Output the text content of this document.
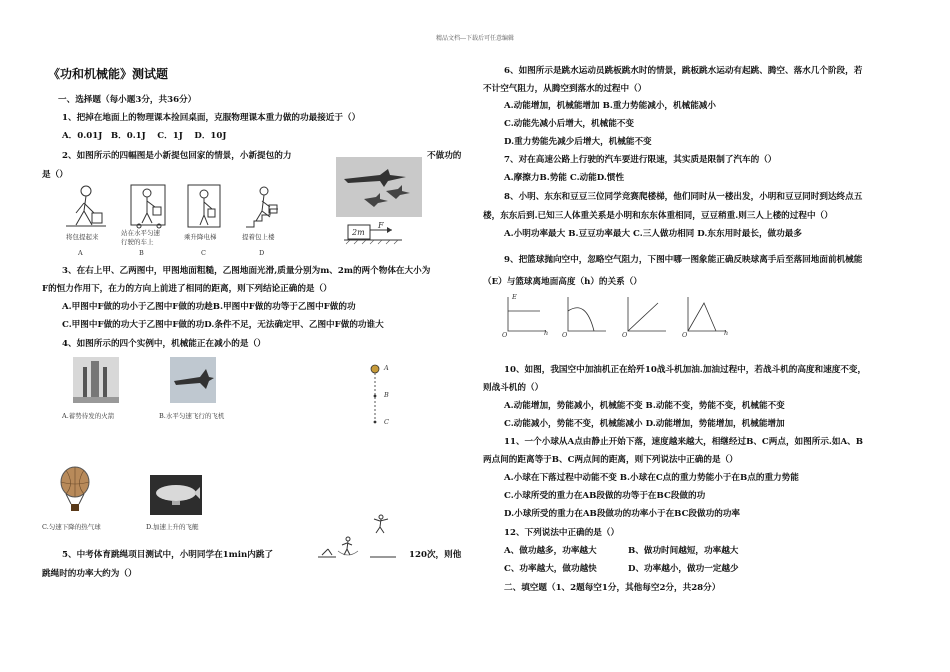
精品文档---下载后可任意编辑
《功和机械能》测试题
一、选择题（每小题3分，共36分）
1、把掉在地面上的物理课本捡回桌面，克服物理课本重力做的功最接近于（）
A．0.01J　B．0.1J　 C．1J　 D．10J
2、如图所示的四幅图是小新提包回家的情景，小新提包的力	不做功的
是（）
将包提起来	站在水平匀速
行驶的车上
乘升降电梯	提着包上楼
A	B	C	D
2m
F
3、在右上甲、乙两图中，甲图地面粗糙，乙图地面光滑,质量分别为m、2m的两个物体在大小为
F的恒力作用下，在力的方向上前进了相同的距离，则下列结论正确的是（）
A.甲图中F做的功小于乙图中F做的功趁B.甲图中F做的功等于乙图中F做的功
C.甲图中F做的功大于乙图中F做的功D.条件不足，无法确定甲、乙图中F做的功谁大
4、如图所示的四个实例中，机械能正在减小的是（）
A.蓄势待发的火箭	B.水平匀速飞行的飞机
A
B
C
C.匀速下降的热气球	D.加速上升的飞艇
5、中考体育跳绳项目测试中，小明同学在1min内跳了	120次，则他
跳绳时的功率大约为（）
6、如图所示是跳水运动员跳板跳水时的情景，跳板跳水运动有起跳、腾空、落水几个阶段，若
不计空气阻力，从腾空到落水的过程中（）
A.动能增加，机械能增加 B.重力势能减小，机械能减小
C.动能先减小后增大，机械能不变
D.重力势能先减少后增大，机械能不变
7、对在高速公路上行驶的汽车要进行限速，其实质是限制了汽车的（）
A.摩擦力B.势能 C.动能D.惯性
8、小明、东东和豆豆三位同学竞赛爬楼梯，他们同时从一楼出发，小明和豆豆同时到达终点五
楼，东东后到.已知三人体重关系是小明和东东体重相同，豆豆稍重.则三人上楼的过程中（）
A.小明功率最大 B.豆豆功率最大 C.三人做功相同 D.东东用时最长，做功最多
9、把篮球抛向空中，忽略空气阻力，下图中哪一图象能正确反映球离手后至落回地面前机械能
（E）与篮球离地面高度（h）的关系（）
O	O	O	O
h	h
E
10、如图，我国空中加油机正在给歼10战斗机加油.加油过程中，若战斗机的高度和速度不变，
则战斗机的（）
A.动能增加，势能减小，机械能不变 B.动能不变，势能不变，机械能不变
C.动能减小，势能不变，机械能减小 D.动能增加，势能增加，机械能增加
11、一个小球从A点由静止开始下落，速度越来越大，相继经过B、C两点，如图所示.如A、B
两点间的距离等于B、C两点间的距离，则下列说法中正确的是（）
A.小球在下落过程中动能不变 B.小球在C点的重力势能小于在B点的重力势能
C.小球所受的重力在AB段做的功等于在BC段做的功
D.小球所受的重力在AB段做功的功率小于在BC段做功的功率
12、下列说法中正确的是（）
A、做功越多，功率越大	B、做功时间越短，功率越大
C、功率越大，做功越快	D、功率越小，做功一定越少
二、填空题（1、2题每空1分，其他每空2分，共28分）
